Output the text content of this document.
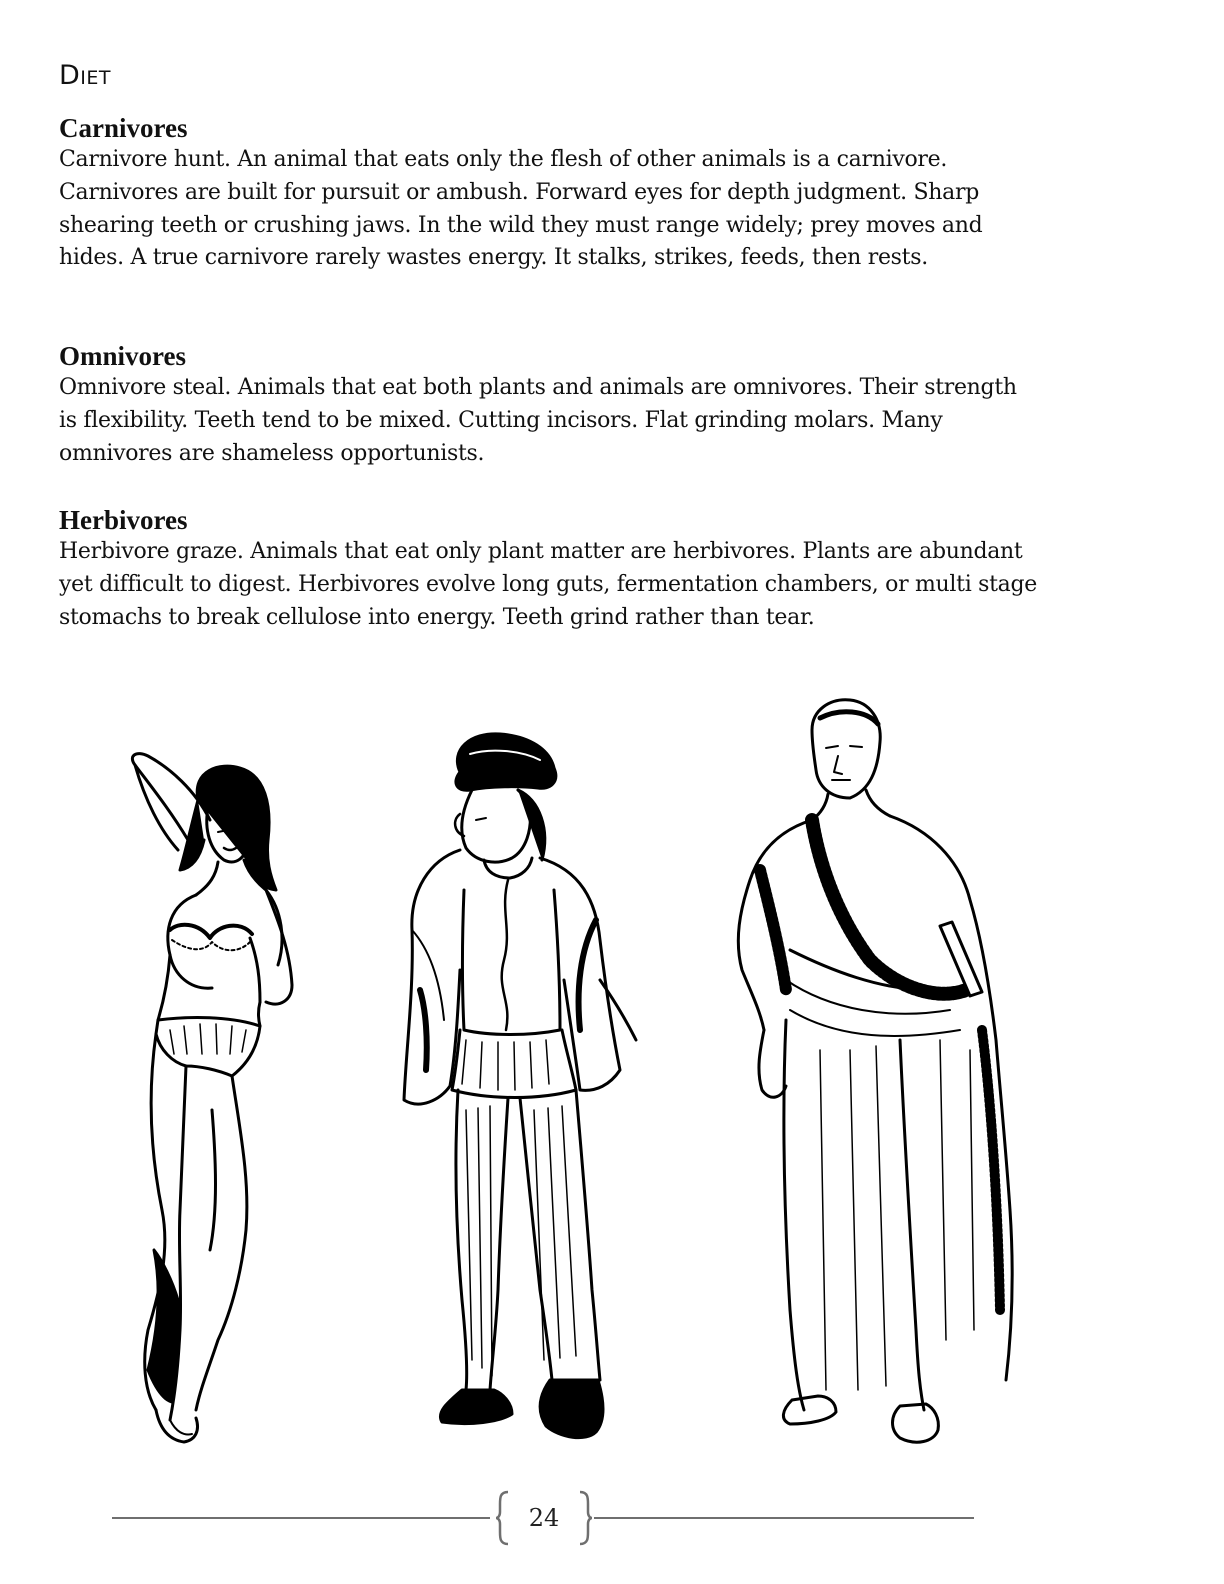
Diet
Carnivores

Carnivore hunt. An animal that eats only the flesh of other animals is a carnivore. Carnivores are built for pursuit or ambush. Forward eyes for depth judgment. Sharp shearing teeth or crushing jaws. In the wild they must range widely; prey moves and hides. A true carnivore rarely wastes energy. It stalks, strikes, feeds, then rests.

Omnivores

Omnivore steal. Animals that eat both plants and animals are omnivores. Their strength is flexibility. Teeth tend to be mixed. Cutting incisors. Flat grinding molars. Many omnivores are shameless opportunists.

Herbivores

Herbivore graze. Animals that eat only plant matter are herbivores. Plants are abundant yet difficult to digest. Herbivores evolve long guts, fermentation chambers, or multi stage stomachs to break cellulose into energy. Teeth grind rather than tear.

24
